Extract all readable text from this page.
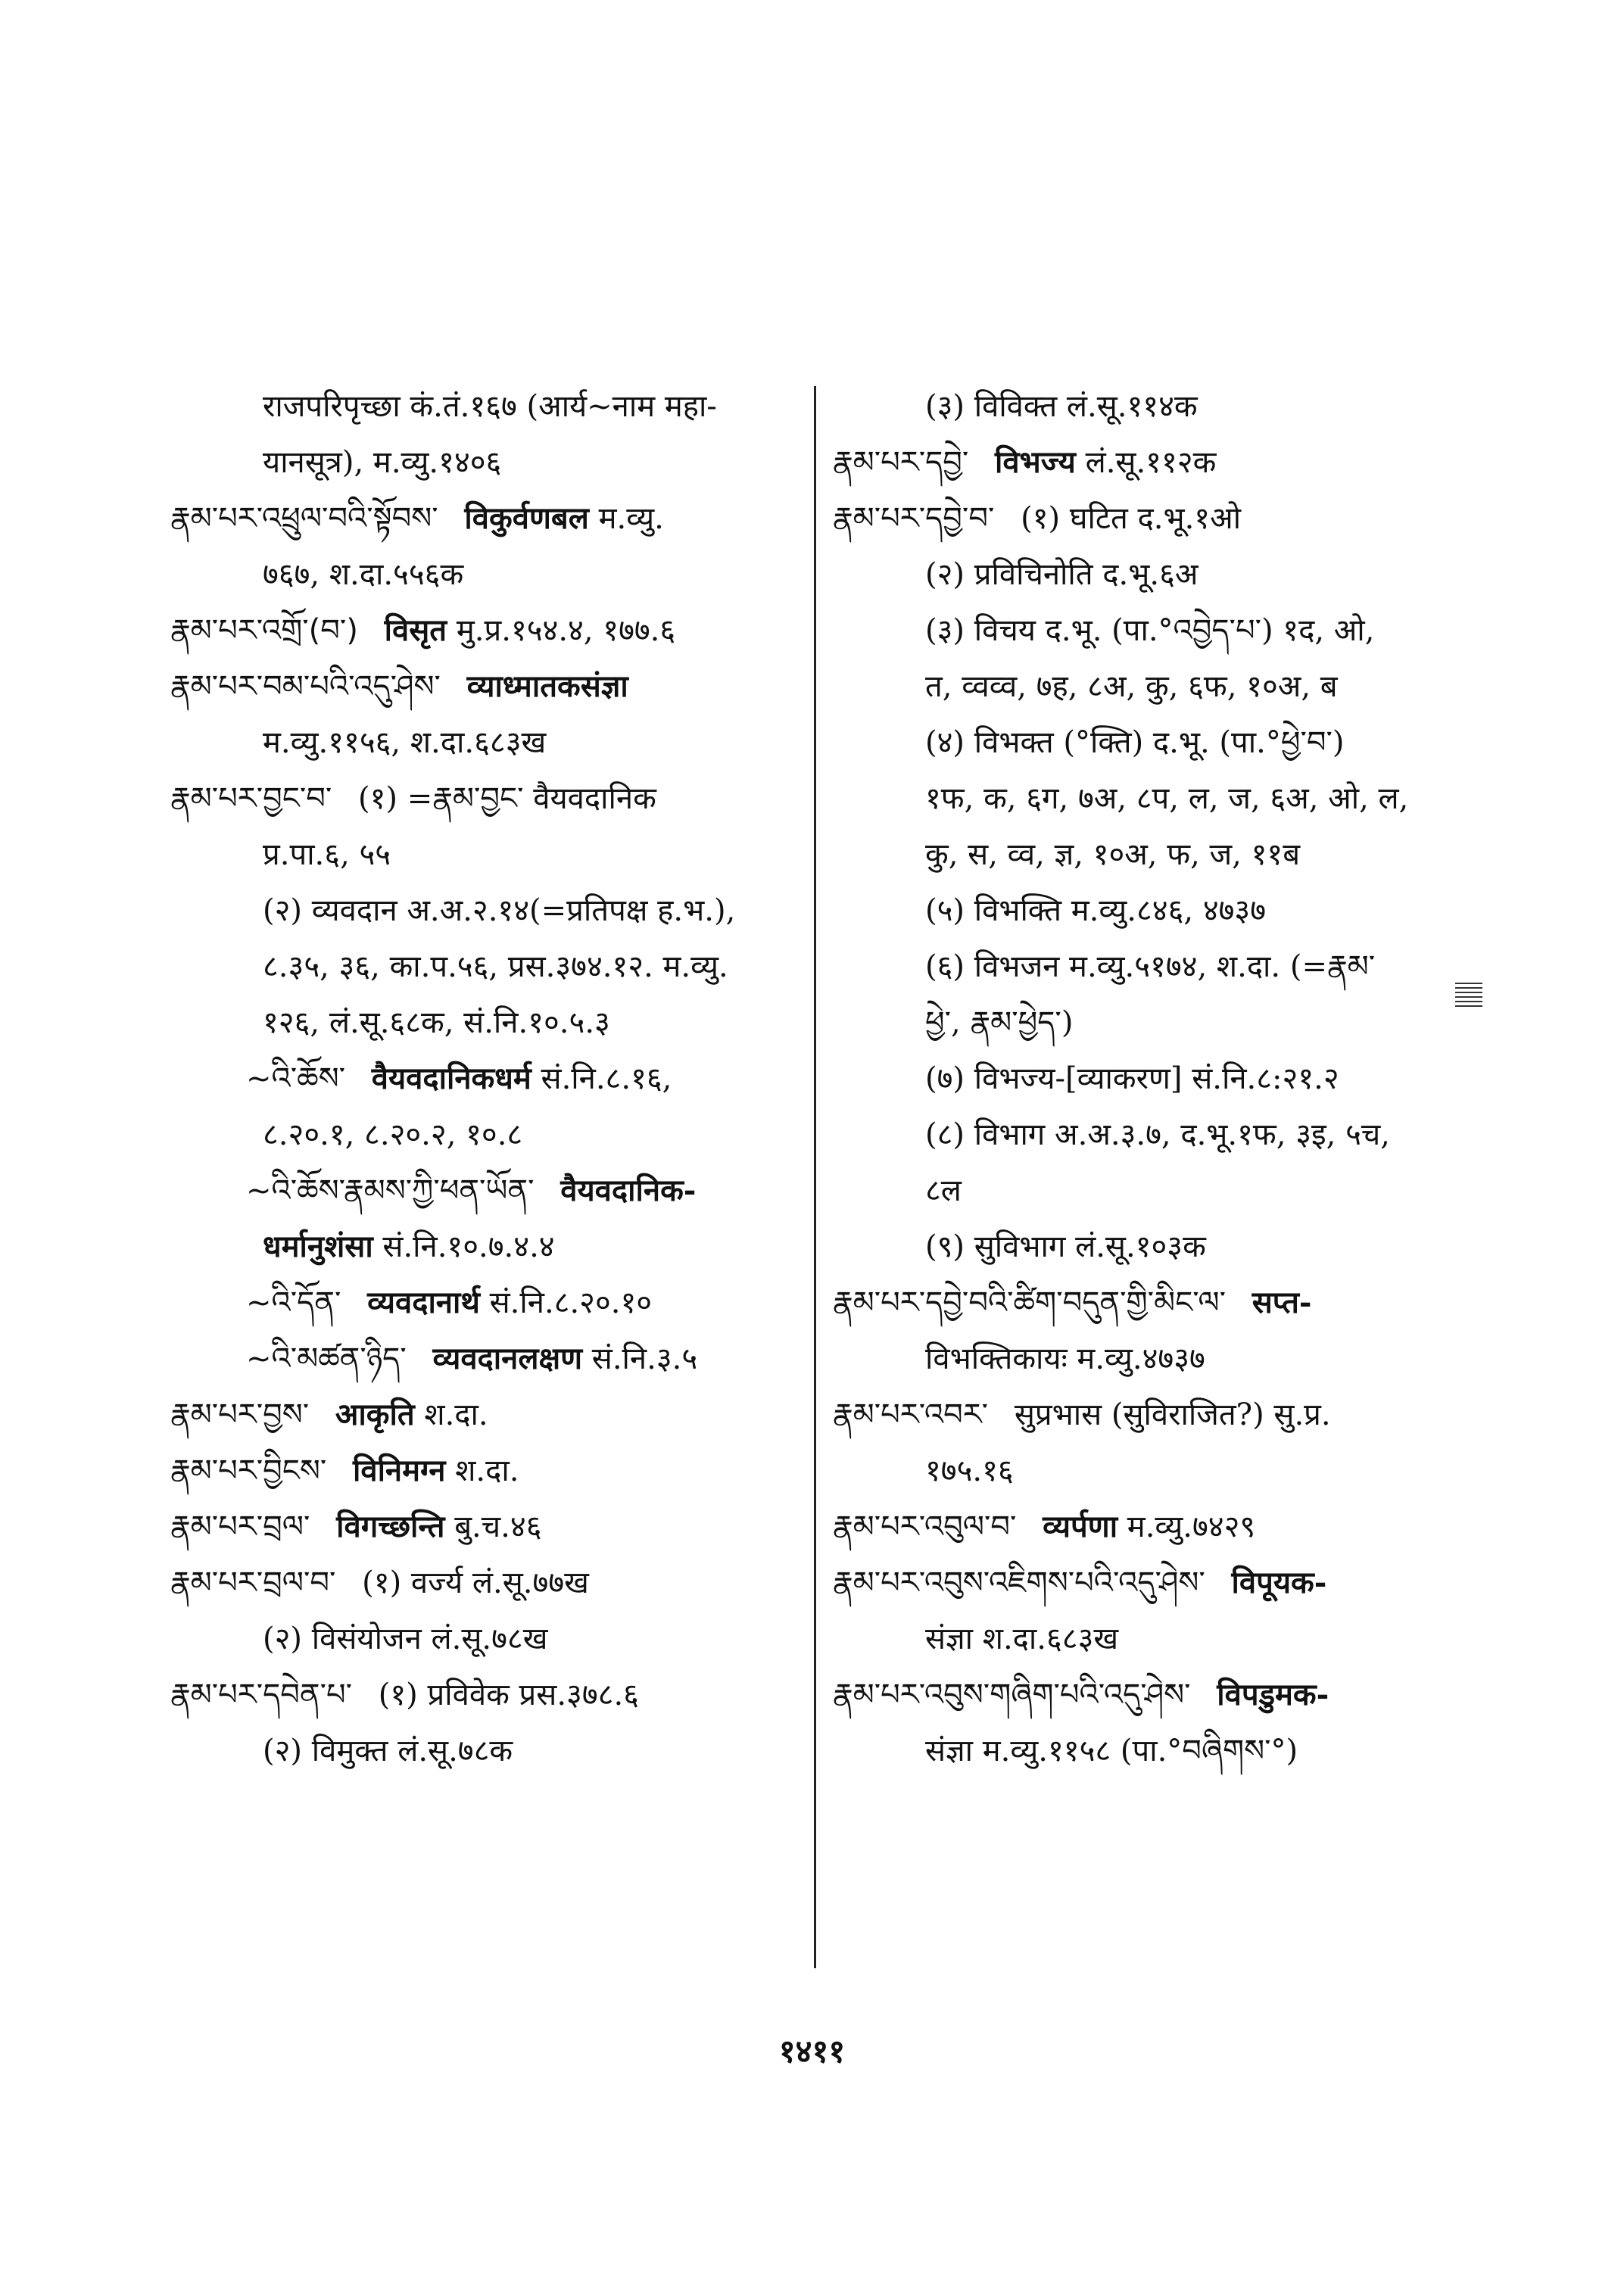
राजपरिपृच्छा कं.तं.१६७ (आर्य~नाम महा-
यानसूत्र), म.व्यु.१४०६
རྣམ་པར་འཕྲུལ་བའི་སྟོབས་ विकुर्वणबल म.व्यु.
७६७, श.दा.५५६क
རྣམ་པར་འགྲོ་(བ་) विसृत मु.प्र.१५४.४, १७७.६
རྣམ་པར་བམ་པའི་འདུ་ཤེས་ व्याध्मातकसंज्ञा
म.व्यु.११५६, श.दा.६८३ख
རྣམ་པར་བྱང་བ་ (१) =རྣམ་བྱང་ वैयवदानिक
प्र.पा.६, ५५
(२) व्यवदान अ.अ.२.१४(=प्रतिपक्ष ह.भ.),
८.३५, ३६, का.प.५६, प्रस.३७४.१२. म.व्यु.
१२६, लं.सू.६८क, सं.नि.१०.५.३
~འི་ཆོས་ वैयवदानिकधर्म सं.नि.८.१६,
८.२०.१, ८.२०.२, १०.८
~འི་ཆོས་རྣམས་ཀྱི་ཕན་ཡོན་ वैयवदानिक-
धर्मानुशंसा सं.नि.१०.७.४.४
~འི་དོན་ व्यवदानार्थ सं.नि.८.२०.१०
~འི་མཚན་ཉིད་ व्यवदानलक्षण सं.नि.३.५
རྣམ་པར་བྱས་ आकृति श.दा.
རྣམ་པར་བྱིངས་ विनिमग्न श.दा.
རྣམ་པར་བྲལ་ विगच्छन्ति बु.च.४६
རྣམ་པར་བྲལ་བ་ (१) वर्ज्य लं.सू.७७ख
(२) विसंयोजन लं.सू.७८ख
རྣམ་པར་དབེན་པ་ (१) प्रविवेक प्रस.३७८.६
(२) विमुक्त लं.सू.७८क
(३) विविक्त लं.सू.११४क
རྣམ་པར་དབྱེ་ विभज्य लं.सू.११२क
རྣམ་པར་དབྱེ་བ་ (१) घटित द.भू.१ओ
(२) प्रविचिनोति द.भू.६अ
(३) विचय द.भू. (पा.°འབྱེད་པ་) १द, ओ,
त, व्वव्व, ७ह, ८अ, कु, ६फ, १०अ, ब
(४) विभक्त (°क्ति) द.भू. (पा.°ཕྱེ་བ་)
१फ, क, ६ग, ७अ, ८प, ल, ज, ६अ, ओ, ल,
कु, स, व्व, ज्ञ, १०अ, फ, ज, ११ब
(५) विभक्ति म.व्यु.८४६, ४७३७
(६) विभजन म.व्यु.५१७४, श.दा. (=རྣམ་
ཕྱེ་, རྣམ་ཕྱེད་)
(७) विभज्य-[व्याकरण] सं.नि.८:२१.२
(८) विभाग अ.अ.३.७, द.भू.१फ, ३इ, ५च,
८ल
(९) सुविभाग लं.सू.१०३क
རྣམ་པར་དབྱེ་བའི་ཚིག་བདུན་གྱི་མིང་ལ་ सप्त-
विभक्तिकायः म.व्यु.४७३७
རྣམ་པར་འབར་ सुप्रभास (सुविराजित?) सु.प्र.
१७५.१६
རྣམ་པར་འབུལ་བ་ व्यर्पणा म.व्यु.७४२९
རྣམ་པར་འབུས་འཇིགས་པའི་འདུ་ཤེས་ विपूयक-
संज्ञा श.दा.६८३ख
རྣམ་པར་འབུས་གཞིག་པའི་འདུ་ཤེས་ विपडुमक-
संज्ञा म.व्यु.११५८ (पा.°བཞིགས་°)
१४११
